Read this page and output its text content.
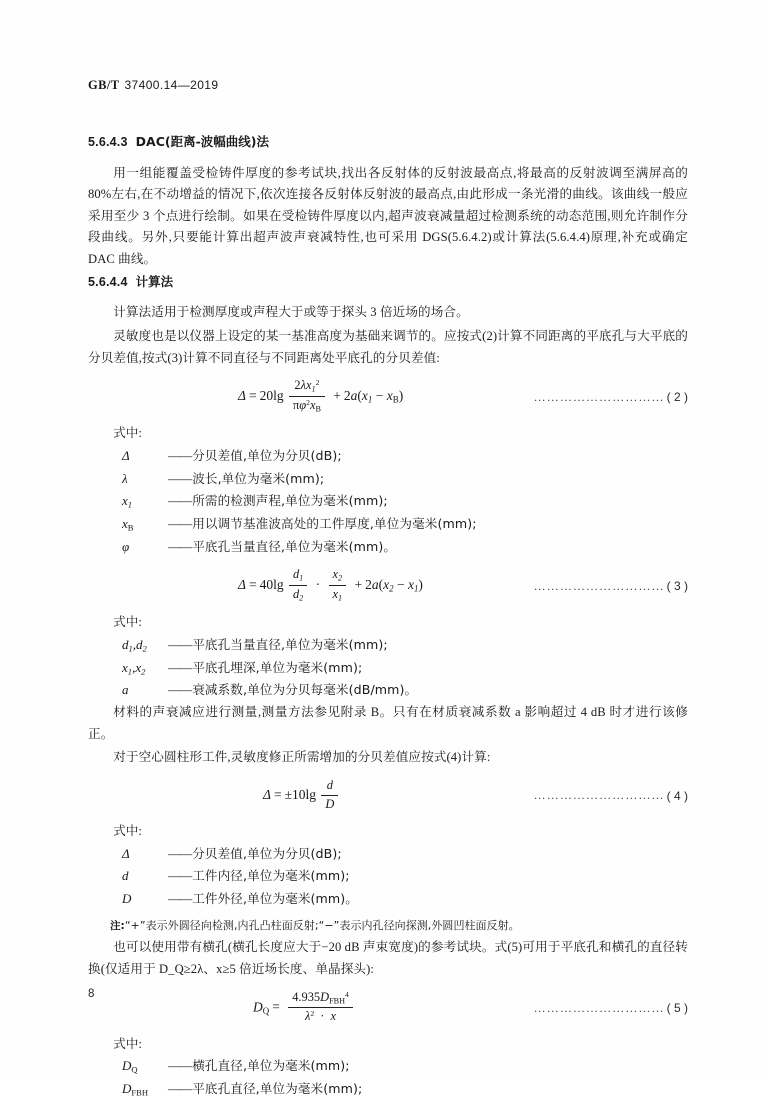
GB/T 37400.14—2019
5.6.4.3 DAC(距离-波幅曲线)法

用一组能覆盖受检铸件厚度的参考试块,找出各反射体的反射波最高点,将最高的反射波调至满屏高的 80%左右,在不动增益的情况下,依次连接各反射体反射波的最高点,由此形成一条光滑的曲线。该曲线一般应采用至少 3 个点进行绘制。如果在受检铸件厚度以内,超声波衰减量超过检测系统的动态范围,则允许制作分段曲线。另外,只要能计算出超声波声衰减特性,也可采用 DGS(5.6.4.2)或计算法(5.6.4.4)原理,补充或确定 DAC 曲线。

5.6.4.4 计算法

计算法适用于检测厚度或声程大于或等于探头 3 倍近场的场合。

灵敏度也是以仪器上设定的某一基准高度为基础来调节的。应按式(2)计算不同距离的平底孔与大平底的分贝差值,按式(3)计算不同直径与不同距离处平底孔的分贝差值:

$\Delta = 20\lg \frac{2\lambda x_1^2}{\pi\varphi^2x_B} + 2a(x_1 - x_B)$	………………………… ( 2 )

式中:

Δ	—— 分贝差值,单位为分贝(dB);
λ	—— 波长,单位为毫米(mm);
$x_1$	—— 所需的检测声程,单位为毫米(mm);
$x_B$	—— 用以调节基准波高处的工件厚度,单位为毫米(mm);
φ	—— 平底孔当量直径,单位为毫米(mm)。
$\Delta = 40\lg \frac{d_1}{d_2} \cdot \frac{x_2}{x_1} + 2a(x_2 - x_1)$	………………………… ( 3 )

式中:

$d_1,d_2$	—— 平底孔当量直径,单位为毫米(mm);
$x_1,x_2$	—— 平底孔埋深,单位为毫米(mm);
a	—— 衰减系数,单位为分贝每毫米(dB/mm)。

材料的声衰减应进行测量,测量方法参见附录 B。只有在材质衰减系数 a 影响超过 4 dB 时才进行该修正。

对于空心圆柱形工件,灵敏度修正所需增加的分贝差值应按式(4)计算:

$\Delta = \pm 10\lg \frac{d}{D}$	………………………… ( 4 )

式中:

Δ	—— 分贝差值,单位为分贝(dB);
d	—— 工件内径,单位为毫米(mm);
D	—— 工件外径,单位为毫米(mm)。

注:“+”表示外圆径向检测,内孔凸柱面反射;“−”表示内孔径向探测,外圆凹柱面反射。

也可以使用带有横孔(横孔长度应大于−20 dB 声束宽度)的参考试块。式(5)可用于平底孔和横孔的直径转换(仅适用于 D_Q≥2λ、x≥5 倍近场长度、单晶探头):

$D_Q = \frac{4.935D_{FBH}^4}{\lambda^2 \cdot x}$	………………………… ( 5 )

式中:

$D_Q$	—— 横孔直径,单位为毫米(mm);
$D_{FBH}$	—— 平底孔直径,单位为毫米(mm);
8
